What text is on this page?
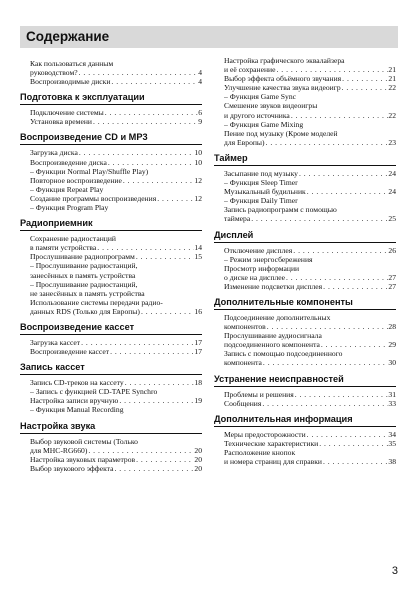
Содержание
Как пользоваться данным
руководством? . . .	4
Воспроизводимые диски . . .	4
Подготовка к эксплуатации
Подключение системы . . .	6
Установка времени . . .	9
Воспроизведение CD и MP3
Загрузка диска . . .	10
Воспроизведение диска . . .	10
– Функции Normal Play/Shuffle Play)
Повторное воспроизведение . . .	12
– Функция Repeat Play
Создание программы воспроизведения . . .	12
– Функция Program Play
Радиоприемник
Сохранение радиостанций
в памяти устройства . . .	14
Прослушивание радиопрограмм . . .	15
– Прослушивание радиостанций,
занесённых в память устройства
– Прослушивание радиостанций,
не занесённых в память устройства
Использование системы передачи радио-
данных RDS (Только для Европы) . . .	16
Воспроизведение кассет
Загрузка кассет . . .	17
Воспроизведение кассет . . .	17
Запись кассет
Запись CD-треков на кассету . . .	18
– Запись с функцией CD-TAPE Synchro
Настройка записи вручную . . .	19
– Функция Manual Recording
Настройка звука
Выбор звуковой системы (Только
для MHC-RG660) . . .	20
Настройка звуковых параметров . . .	20
Выбор звукового эффекта . . .	20
Настройка графического эквалайзера
и её сохранение . . .	21
Выбор эффекта объёмного звучания . . .	21
Улучшение качества звука видеоигр . . .	22
– Функция Game Sync
Смешение звуков видеоигры
и другого источника . . .	22
– Функция Game Mixing
Пение под музыку (Кроме моделей
для Европы) . . .	23
Таймер
Засыпание под музыку . . .	24
– Функция Sleep Timer
Музыкальный будильник . . .	24
– Функция Daily Timer
Запись радиопрограмм с помощью
таймера . . .	25
Дисплей
Отключение дисплея . . .	26
– Режим энергосбережения
Просмотр информации
о диске на дисплее . . .	27
Изменение подсветки дисплея . . .	27
Дополнительные компоненты
Подсоединение дополнительных
компонентов . . .	28
Прослушивание аудиосигнала
подсоединенного компонента . . .	29
Запись с помощью подсоединенного
компонента . . .	30
Устранение неисправностей
Проблемы и решения . . .	31
Сообщения . . .	33
Дополнительная информация
Меры предосторожности . . .	34
Технические характеристики . . .	35
Расположение кнопок
и номера страниц для справки . . .	38
3
